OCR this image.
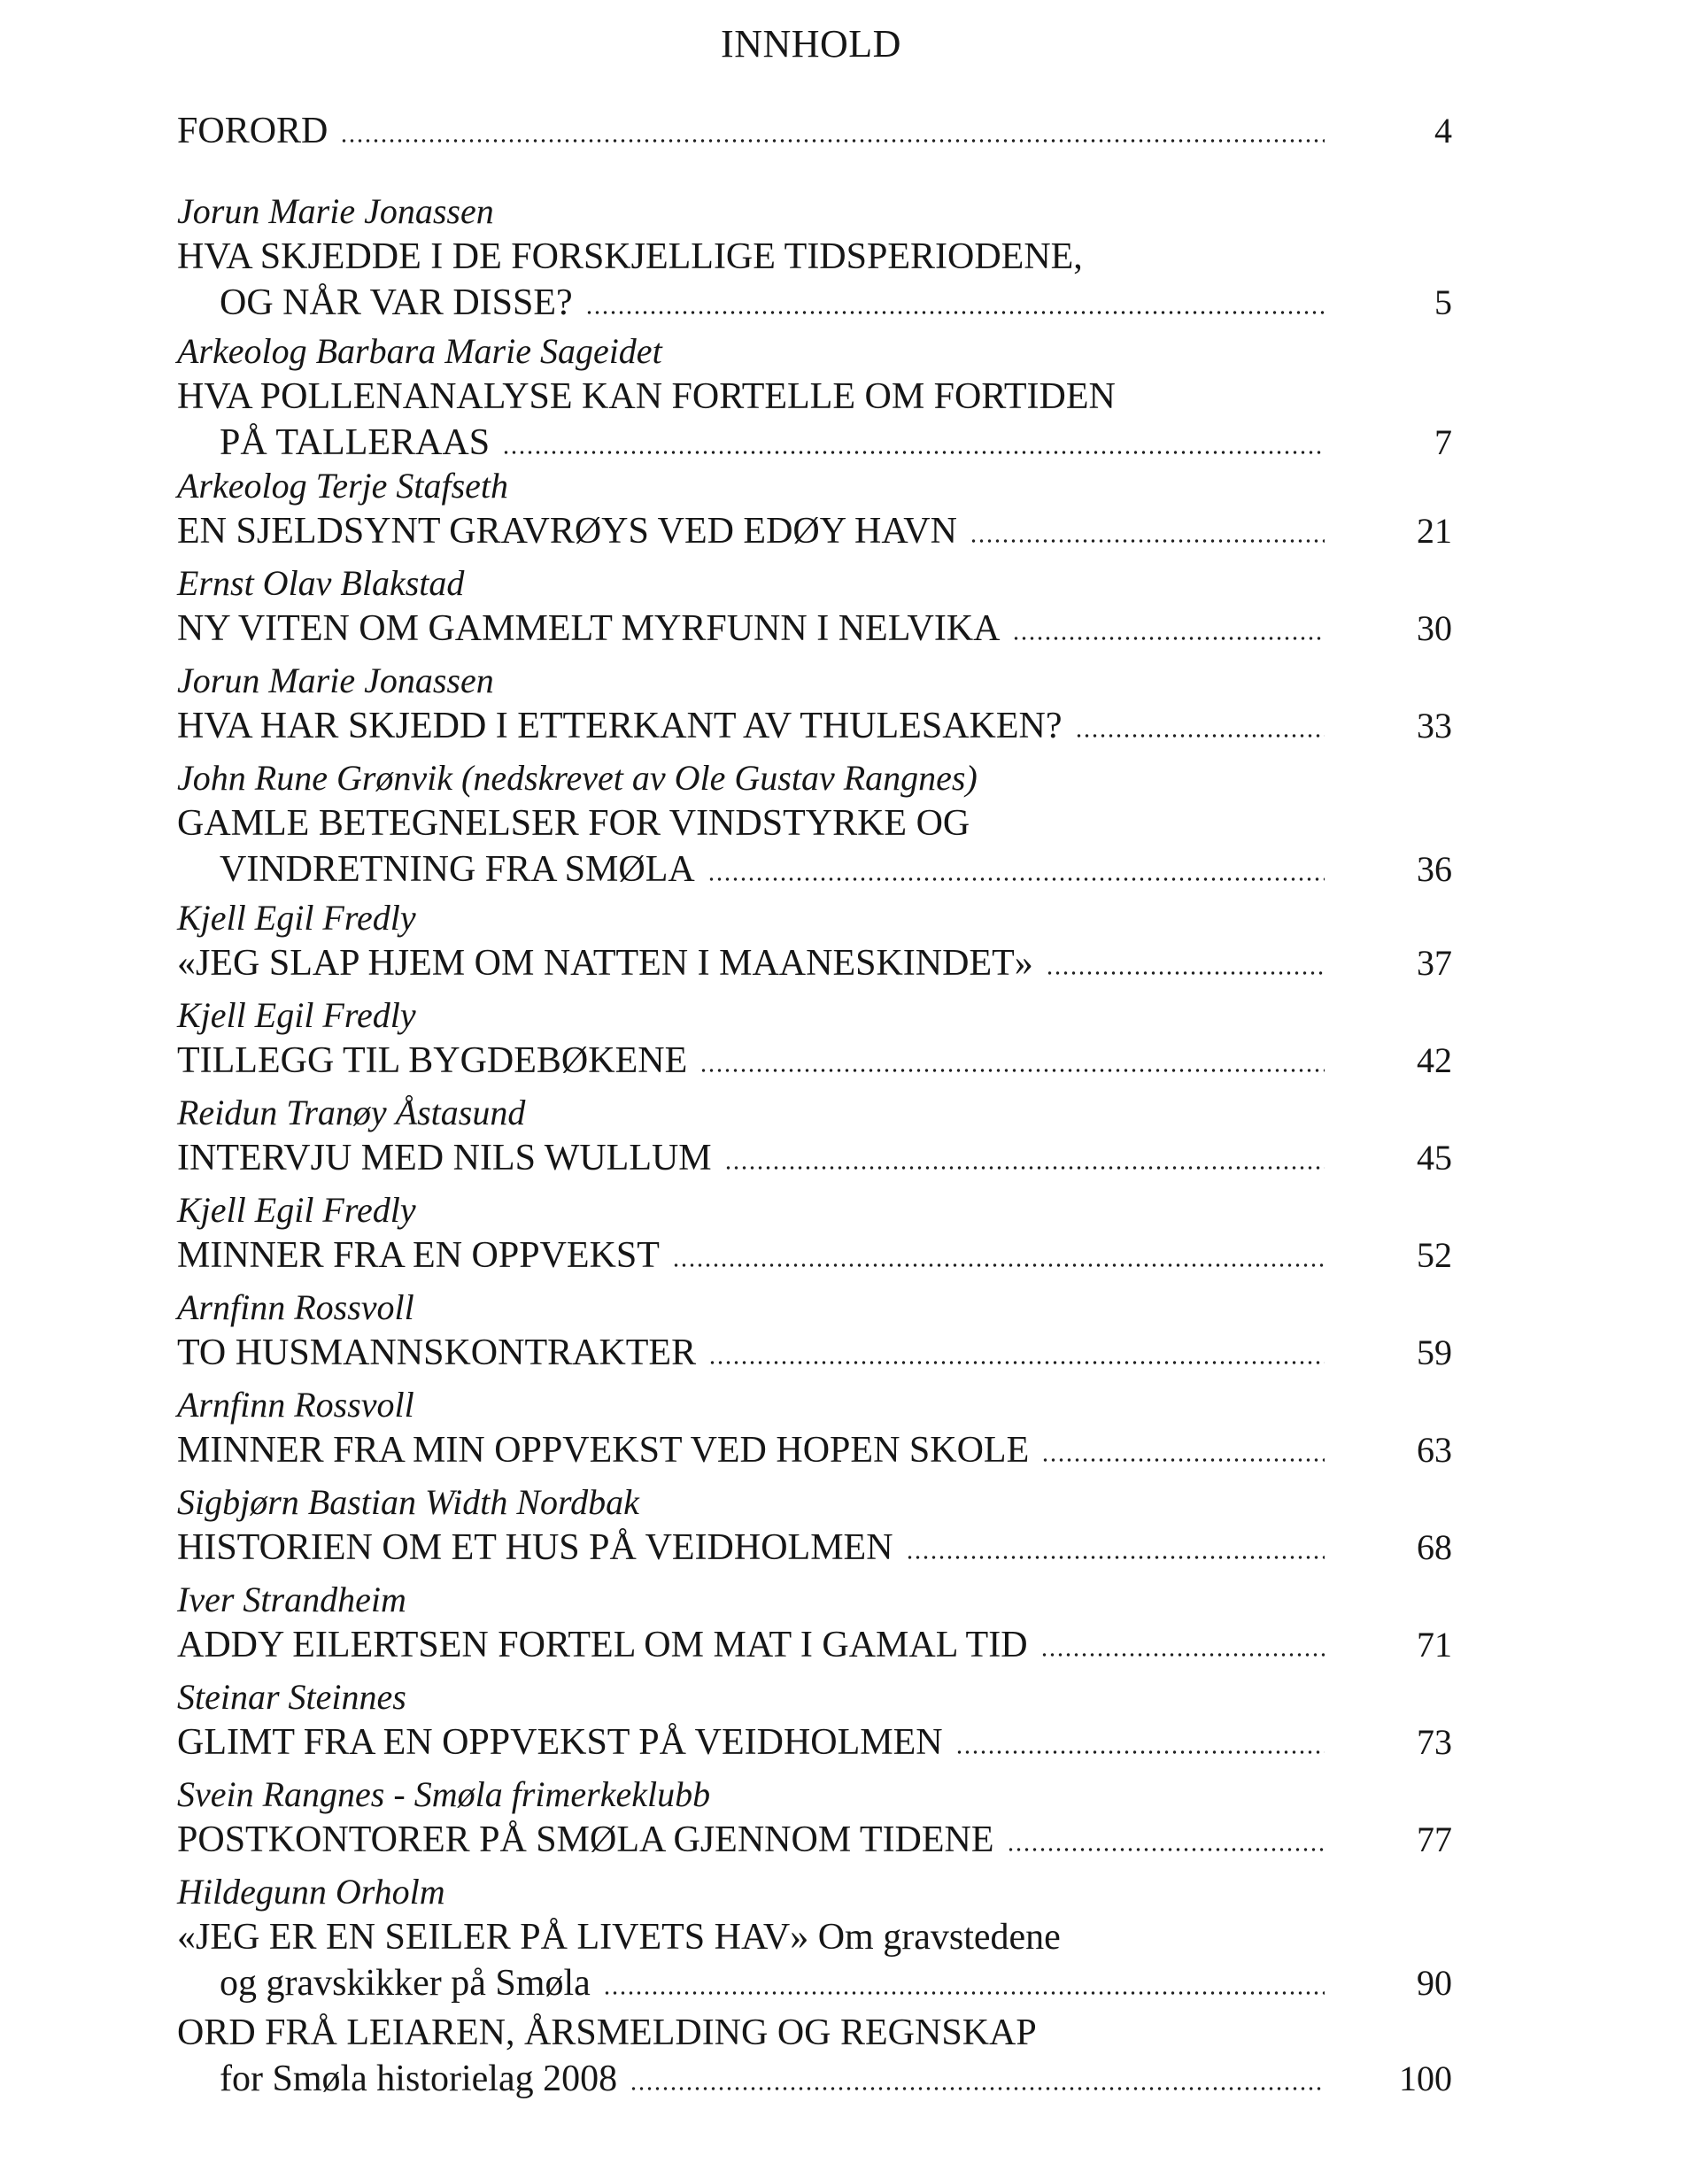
INNHOLD
FORORD	4
Jorun Marie Jonassen
HVA SKJEDDE I DE FORSKJELLIGE TIDSPERIODENE,
OG NÅR VAR DISSE?	5
Arkeolog Barbara Marie Sageidet
HVA POLLENANALYSE KAN FORTELLE OM FORTIDEN
PÅ TALLERAAS	7
Arkeolog Terje Stafseth
EN SJELDSYNT GRAVRØYS VED EDØY HAVN	21
Ernst Olav Blakstad
NY VITEN OM GAMMELT MYRFUNN I NELVIKA	30
Jorun Marie Jonassen
HVA HAR SKJEDD I ETTERKANT AV THULESAKEN?	33
John Rune Grønvik (nedskrevet av Ole Gustav Rangnes)
GAMLE BETEGNELSER FOR VINDSTYRKE OG
VINDRETNING FRA SMØLA	36
Kjell Egil Fredly
«JEG SLAP HJEM OM NATTEN I MAANESKINDET»	37
Kjell Egil Fredly
TILLEGG TIL BYGDEBØKENE	42
Reidun Tranøy Åstasund
INTERVJU MED NILS WULLUM	45
Kjell Egil Fredly
MINNER FRA EN OPPVEKST	52
Arnfinn Rossvoll
TO HUSMANNSKONTRAKTER	59
Arnfinn Rossvoll
MINNER FRA MIN OPPVEKST VED HOPEN SKOLE	63
Sigbjørn Bastian Width Nordbak
HISTORIEN OM ET HUS PÅ VEIDHOLMEN	68
Iver Strandheim
ADDY EILERTSEN FORTEL OM MAT I GAMAL TID	71
Steinar Steinnes
GLIMT FRA EN OPPVEKST PÅ VEIDHOLMEN	73
Svein Rangnes - Smøla frimerkeklubb
POSTKONTORER PÅ SMØLA GJENNOM TIDENE	77
Hildegunn Orholm
«JEG ER EN SEILER PÅ LIVETS HAV» Om gravstedene
og gravskikker på Smøla	90
ORD FRÅ LEIAREN, ÅRSMELDING OG REGNSKAP
for Smøla historielag 2008	100
